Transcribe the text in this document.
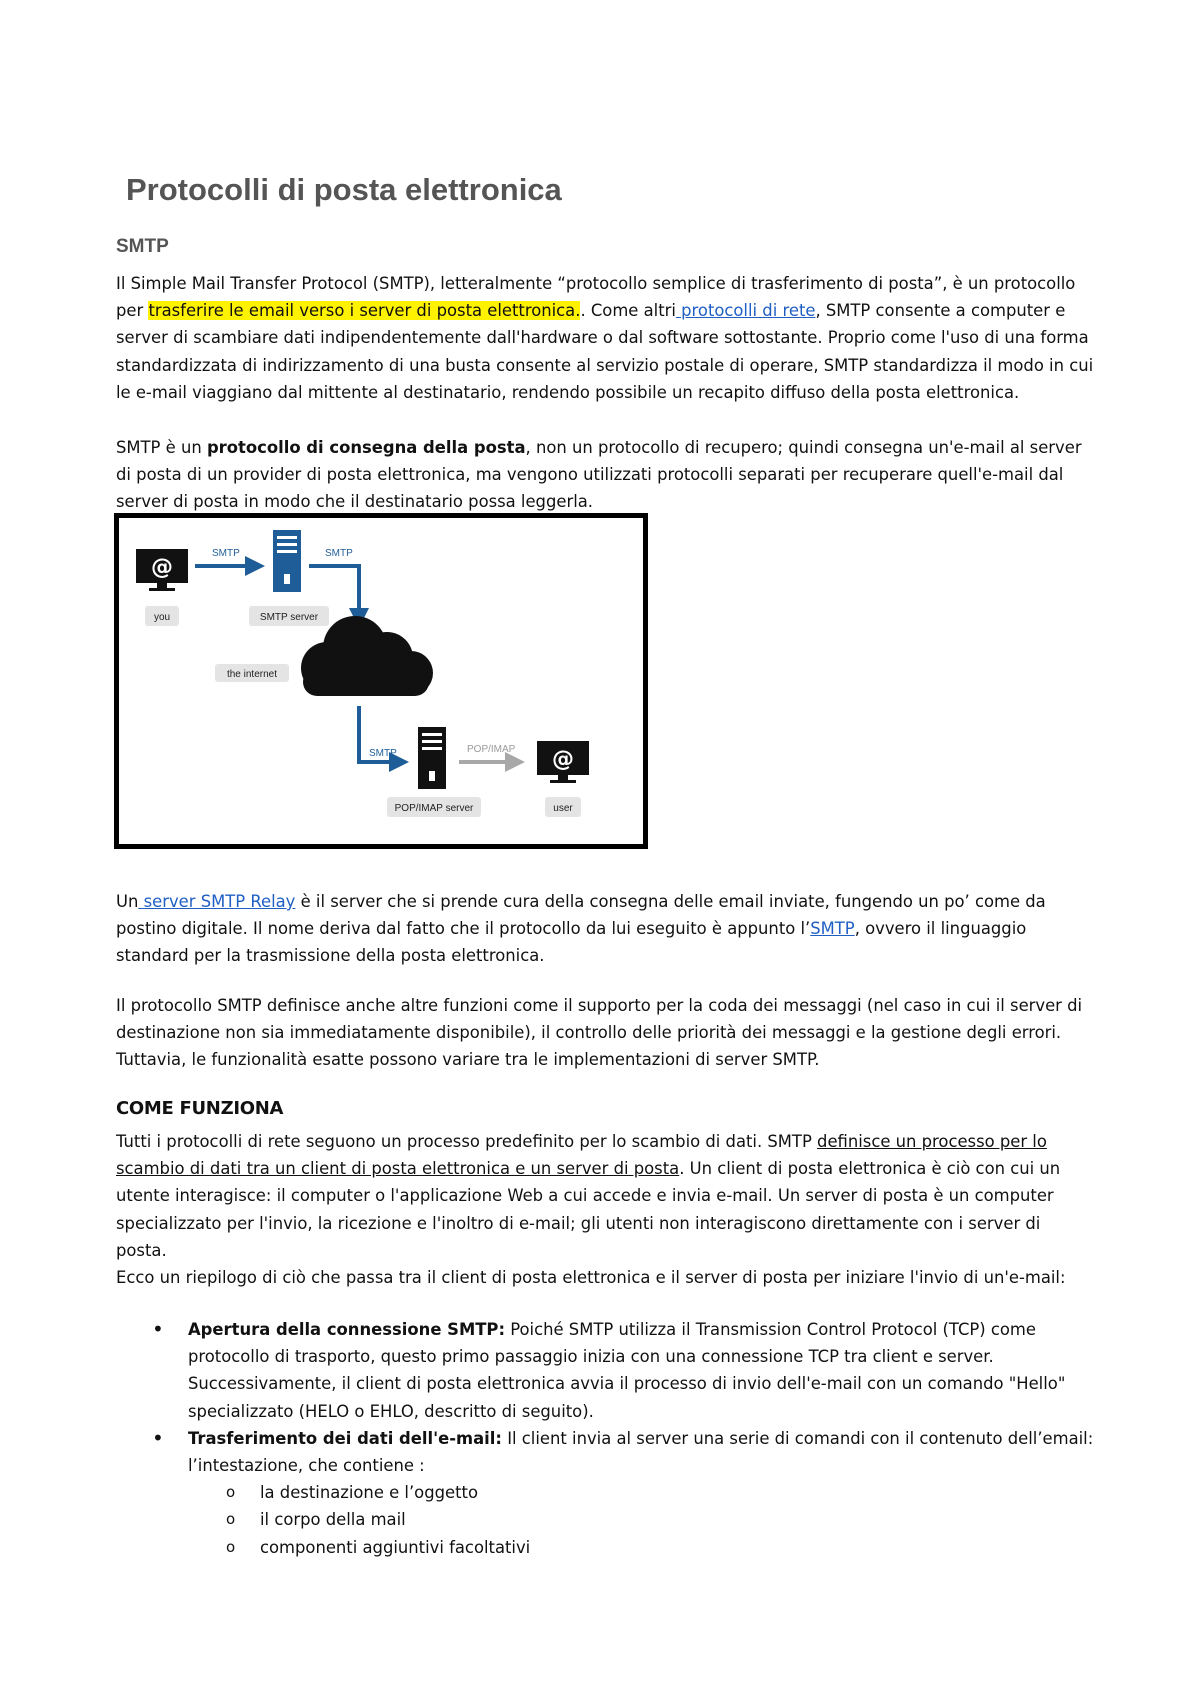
Protocolli di posta elettronica
SMTP

Il Simple Mail Transfer Protocol (SMTP), letteralmente “protocollo semplice di trasferimento di posta”, è un protocollo per trasferire le email verso i server di posta elettronica.. Come altri protocolli di rete, SMTP consente a computer e server di scambiare dati indipendentemente dall'hardware o dal software sottostante. Proprio come l'uso di una forma standardizzata di indirizzamento di una busta consente al servizio postale di operare, SMTP standardizza il modo in cui le e-mail viaggiano dal mittente al destinatario, rendendo possibile un recapito diffuso della posta elettronica.

SMTP è un protocollo di consegna della posta, non un protocollo di recupero; quindi consegna un'e-mail al server di posta di un provider di posta elettronica, ma vengono utilizzati protocolli separati per recuperare quell'e-mail dal server di posta in modo che il destinatario possa leggerla.

@
you
SMTP
SMTP server
SMTP
the internet
SMTP
POP/IMAP server
POP/IMAP @
user

Un server SMTP Relay è il server che si prende cura della consegna delle email inviate, fungendo un po’ come da postino digitale. Il nome deriva dal fatto che il protocollo da lui eseguito è appunto l’SMTP, ovvero il linguaggio standard per la trasmissione della posta elettronica.

Il protocollo SMTP definisce anche altre funzioni come il supporto per la coda dei messaggi (nel caso in cui il server di destinazione non sia immediatamente disponibile), il controllo delle priorità dei messaggi e la gestione degli errori. Tuttavia, le funzionalità esatte possono variare tra le implementazioni di server SMTP.

COME FUNZIONA

Tutti i protocolli di rete seguono un processo predefinito per lo scambio di dati. SMTP definisce un processo per lo scambio di dati tra un client di posta elettronica e un server di posta. Un client di posta elettronica è ciò con cui un utente interagisce: il computer o l'applicazione Web a cui accede e invia e-mail. Un server di posta è un computer specializzato per l'invio, la ricezione e l'inoltro di e-mail; gli utenti non interagiscono direttamente con i server di posta.

Ecco un riepilogo di ciò che passa tra il client di posta elettronica e il server di posta per iniziare l'invio di un'e-mail:

• Apertura della connessione SMTP: Poiché SMTP utilizza il Transmission Control Protocol (TCP) come protocollo di trasporto, questo primo passaggio inizia con una connessione TCP tra client e server. Successivamente, il client di posta elettronica avvia il processo di invio dell'e-mail con un comando "Hello" specializzato (HELO o EHLO, descritto di seguito).
• Trasferimento dei dati dell'e-mail: Il client invia al server una serie di comandi con il contenuto dell’email: l’intestazione, che contiene :
o la destinazione e l’oggetto
o il corpo della mail
o componenti aggiuntivi facoltativi
